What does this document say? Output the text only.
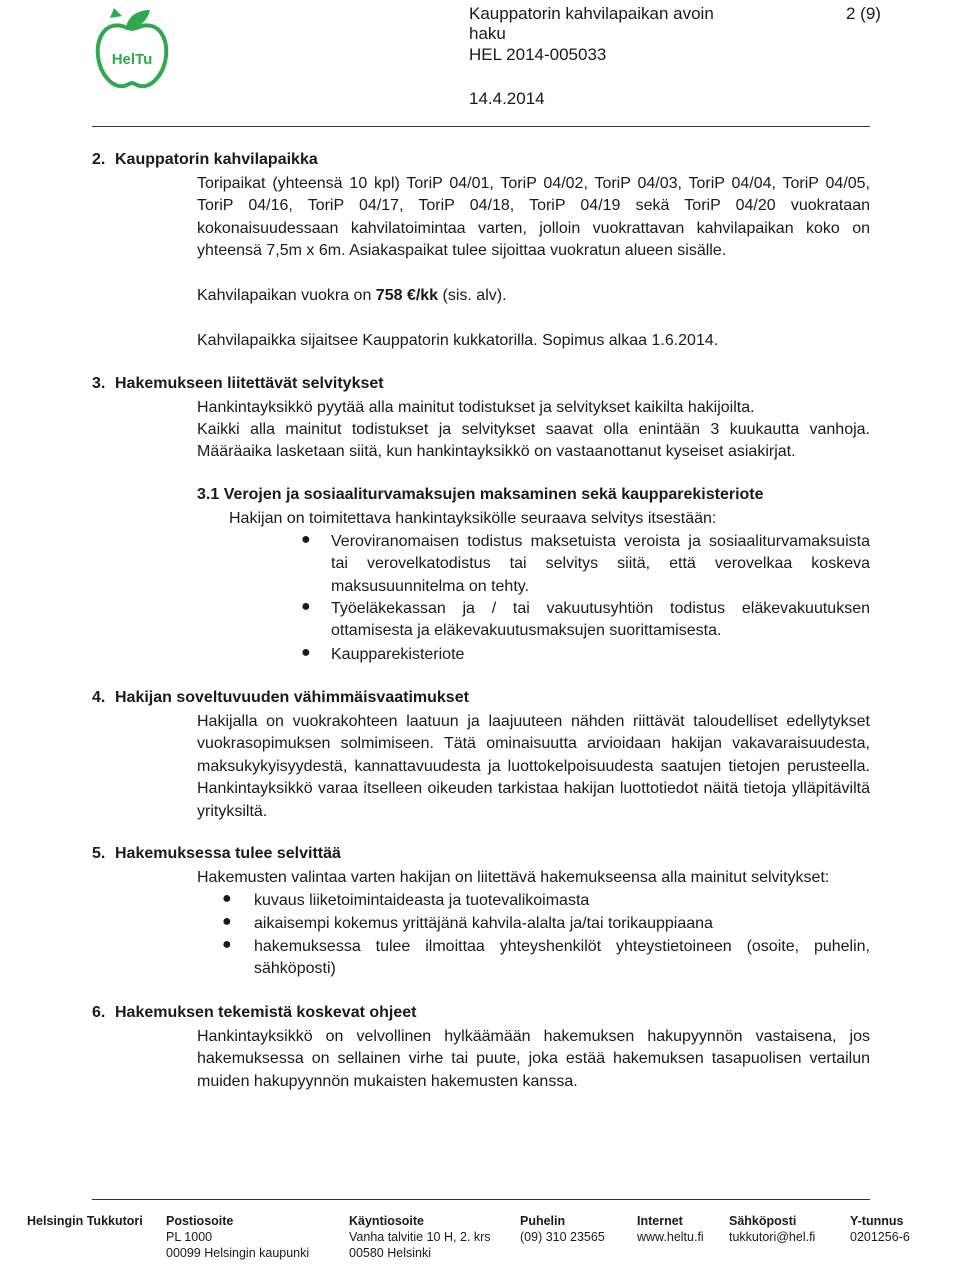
HelTu
Kauppatorin kahvilapaikan avoin
haku
HEL 2014-005033
14.4.2014
2 (9)
2. Kauppatorin kahvilapaikka
Toripaikat (yhteensä 10 kpl) ToriP 04/01, ToriP 04/02, ToriP 04/03, ToriP 04/04, ToriP 04/05, ToriP 04/16, ToriP 04/17, ToriP 04/18, ToriP 04/19 sekä ToriP 04/20 vuokrataan kokonaisuudessaan kahvilatoimintaa varten, jolloin vuokrattavan kahvilapaikan koko on yhteensä 7,5m x 6m. Asiakaspaikat tulee sijoittaa vuokratun alueen sisälle.
Kahvilapaikan vuokra on 758 €/kk (sis. alv).
Kahvilapaikka sijaitsee Kauppatorin kukkatorilla. Sopimus alkaa 1.6.2014.
3. Hakemukseen liitettävät selvitykset
Hankintayksikkö pyytää alla mainitut todistukset ja selvitykset kaikilta hakijoilta.
Kaikki alla mainitut todistukset ja selvitykset saavat olla enintään 3 kuukautta vanhoja.
Määräaika lasketaan siitä, kun hankintayksikkö on vastaanottanut kyseiset asiakirjat.
3.1 Verojen ja sosiaaliturvamaksujen maksaminen sekä kaupparekisteriote
Hakijan on toimitettava hankintayksikölle seuraava selvitys itsestään:
● Veroviranomaisen todistus maksetuista veroista ja sosiaaliturvamaksuista tai verovelkatodistus tai selvitys siitä, että verovelkaa koskeva maksusuunnitelma on tehty.
● Työeläkekassan ja / tai vakuutusyhtiön todistus eläkevakuutuksen ottamisesta ja eläkevakuutusmaksujen suorittamisesta.
● Kaupparekisteriote
4. Hakijan soveltuvuuden vähimmäisvaatimukset
Hakijalla on vuokrakohteen laatuun ja laajuuteen nähden riittävät taloudelliset edellytykset vuokrasopimuksen solmimiseen. Tätä ominaisuutta arvioidaan hakijan vakavaraisuudesta, maksukykyisyydestä, kannattavuudesta ja luottokelpoisuudesta saatujen tietojen perusteella. Hankintayksikkö varaa itselleen oikeuden tarkistaa hakijan luottotiedot näitä tietoja ylläpitäviltä yrityksiltä.
5. Hakemuksessa tulee selvittää
Hakemusten valintaa varten hakijan on liitettävä hakemukseensa alla mainitut selvitykset:
● kuvaus liiketoimintaideasta ja tuotevalikoimasta
● aikaisempi kokemus yrittäjänä kahvila-alalta ja/tai torikauppiaana
● hakemuksessa tulee ilmoittaa yhteyshenkilöt yhteystietoineen (osoite, puhelin, sähköposti)
6. Hakemuksen tekemistä koskevat ohjeet
Hankintayksikkö on velvollinen hylkäämään hakemuksen hakupyynnön vastaisena, jos hakemuksessa on sellainen virhe tai puute, joka estää hakemuksen tasapuolisen vertailun muiden hakupyynnön mukaisten hakemusten kanssa.
Helsingin Tukkutori Postiosoite
PL 1000
00099 Helsingin kaupunki
Käyntiosoite
Vanha talvitie 10 H, 2. krs
00580 Helsinki
Puhelin
(09) 310 23565
Internet
www.heltu.fi
Sähköposti
tukkutori@hel.fi
Y-tunnus
0201256-6
